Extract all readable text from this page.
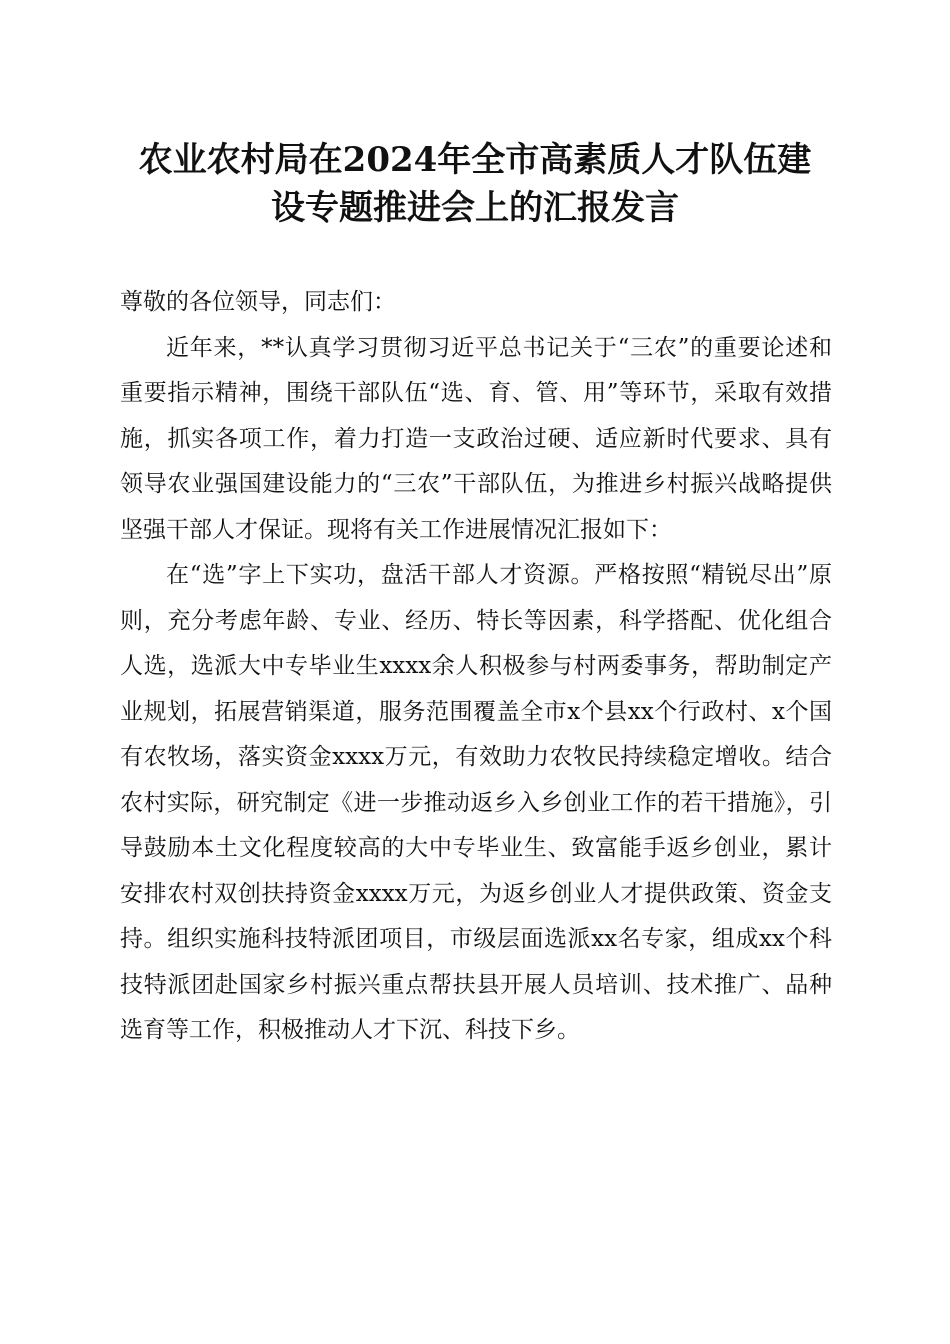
农业农村局在2024年全市高素质人才队伍建
设专题推进会上的汇报发言

尊敬的各位领导，同志们：

近年来，**认真学习贯彻习近平总书记关于“三农”的重要论述和重要指示精神，围绕干部队伍“选、育、管、用”等环节，采取有效措施，抓实各项工作，着力打造一支政治过硬、适应新时代要求、具有领导农业强国建设能力的“三农”干部队伍，为推进乡村振兴战略提供坚强干部人才保证。现将有关工作进展情况汇报如下：

在“选”字上下实功，盘活干部人才资源。严格按照“精锐尽出”原则，充分考虑年龄、专业、经历、特长等因素，科学搭配、优化组合人选，选派大中专毕业生xxxx余人积极参与村两委事务，帮助制定产业规划，拓展营销渠道，服务范围覆盖全市x个县xx个行政村、x个国有农牧场，落实资金xxxx万元，有效助力农牧民持续稳定增收。结合农村实际，研究制定《进一步推动返乡入乡创业工作的若干措施》，引导鼓励本土文化程度较高的大中专毕业生、致富能手返乡创业，累计安排农村双创扶持资金xxxx万元，为返乡创业人才提供政策、资金支持。组织实施科技特派团项目，市级层面选派xx名专家，组成xx个科技特派团赴国家乡村振兴重点帮扶县开展人员培训、技术推广、品种选育等工作，积极推动人才下沉、科技下乡。
